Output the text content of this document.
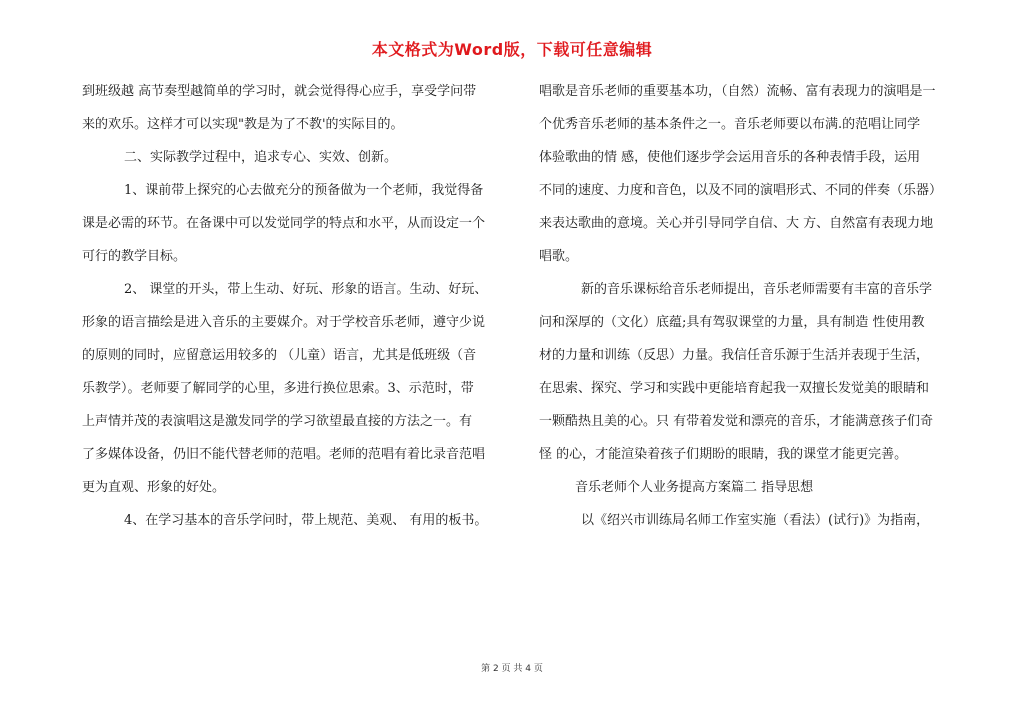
本文格式为Word版，下载可任意编辑
到班级越 高节奏型越简单的学习时，就会觉得得心应手，享受学问带
来的欢乐。这样才可以实现"教是为了不教'的实际目的。
二、实际教学过程中，追求专心、实效、创新。
1、课前带上探究的心去做充分的预备做为一个老师，我觉得备
课是必需的环节。在备课中可以发觉同学的特点和水平，从而设定一个
可行的教学目标。
2、 课堂的开头，带上生动、好玩、形象的语言。生动、好玩、
形象的语言描绘是进入音乐的主要媒介。对于学校音乐老师，遵守少说
的原则的同时，应留意运用较多的 （儿童）语言，尤其是低班级（音
乐教学）。老师要了解同学的心里，多进行换位思索。3、示范时，带
上声情并茂的表演唱这是激发同学的学习欲望最直接的方法之一。有
了多媒体设备，仍旧不能代替老师的范唱。老师的范唱有着比录音范唱
更为直观、形象的好处。
4、在学习基本的音乐学问时，带上规范、美观、 有用的板书。
唱歌是音乐老师的重要基本功，（自然）流畅、富有表现力的演唱是一
个优秀音乐老师的基本条件之一。音乐老师要以布满.的范唱让同学
体验歌曲的情 感，使他们逐步学会运用音乐的各种表情手段，运用
不同的速度、力度和音色，以及不同的演唱形式、不同的伴奏（乐器）
来表达歌曲的意境。关心并引导同学自信、大 方、自然富有表现力地
唱歌。
新的音乐课标给音乐老师提出，音乐老师需要有丰富的音乐学
问和深厚的（文化）底蕴;具有驾驭课堂的力量，具有制造 性使用教
材的力量和训练（反思）力量。我信任音乐源于生活并表现于生活，
在思索、探究、学习和实践中更能培育起我一双擅长发觉美的眼睛和
一颗酷热且美的心。只 有带着发觉和漂亮的音乐，才能满意孩子们奇
怪 的心，才能渲染着孩子们期盼的眼睛，我的课堂才能更完善。
音乐老师个人业务提高方案篇二 指导思想
以《绍兴市训练局名师工作室实施（看法）(试行)》为指南，
第 2 页 共 4 页
